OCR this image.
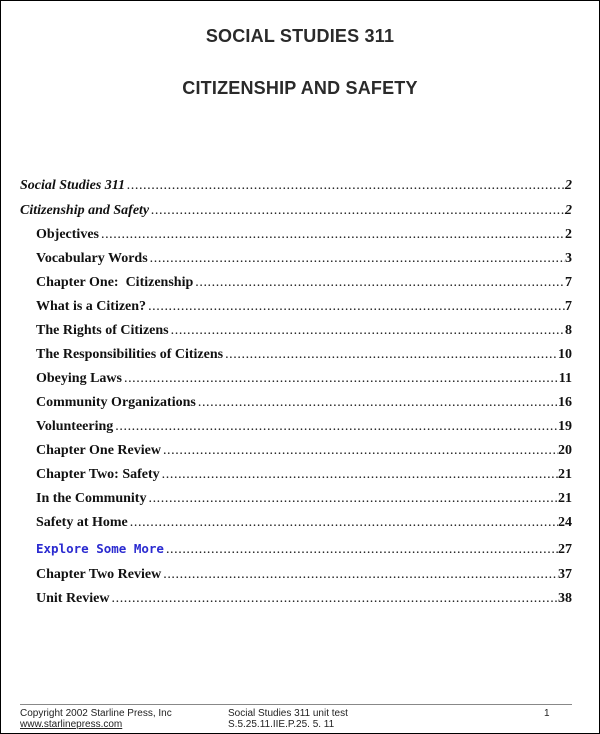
SOCIAL STUDIES 311
CITIZENSHIP AND SAFETY
Social Studies 311 .....	2
Citizenship and Safety .....	2
Objectives .....	2
Vocabulary Words .....	3
Chapter One:  Citizenship .....	7
What is a Citizen? .....	7
The Rights of Citizens .....	8
The Responsibilities of Citizens .....	10
Obeying Laws .....	11
Community Organizations .....	16
Volunteering .....	19
Chapter One Review .....	20
Chapter Two: Safety .....	21
In the Community .....	21
Safety at Home .....	24
Explore Some More .....	27
Chapter Two Review .....	37
Unit Review .....	38
Copyright 2002 Starline Press, Inc
www.starlinepress.com
Social Studies 311 unit test
S.5.25.11.IIE.P.25. 5. 11
1
